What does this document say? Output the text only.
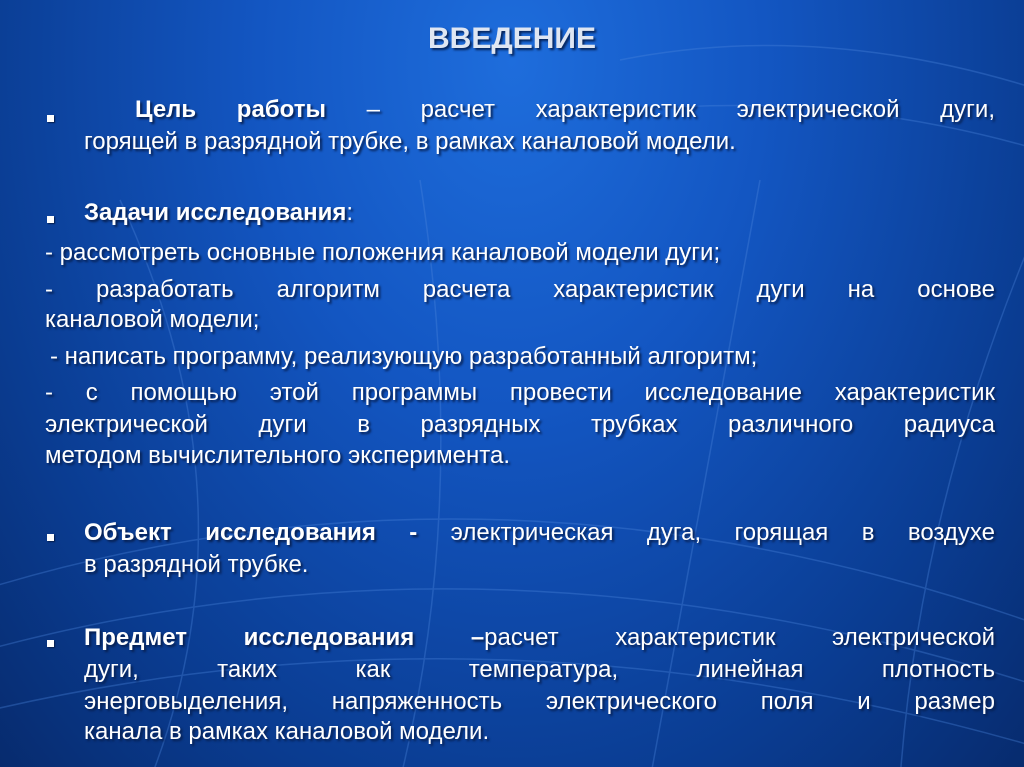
ВВЕДЕНИЕ

Цель работы – расчет характеристик электрической дуги,

горящей в разрядной трубке, в рамках каналовой модели.

Задачи исследования:

- рассмотреть основные положения каналовой модели дуги;

- разработать алгоритм расчета характеристик дуги на основе

каналовой модели;

- написать программу, реализующую разработанный алгоритм;

- с помощью этой программы провести исследование характеристик

электрической дуги в разрядных трубках различного радиуса

методом вычислительного эксперимента.

Объект исследования - электрическая дуга, горящая в воздухе

в разрядной трубке.

Предмет исследования –расчет характеристик электрической

дуги, таких как температура, линейная плотность

энерговыделения, напряженность электрического поля и размер

канала в рамках каналовой модели.
